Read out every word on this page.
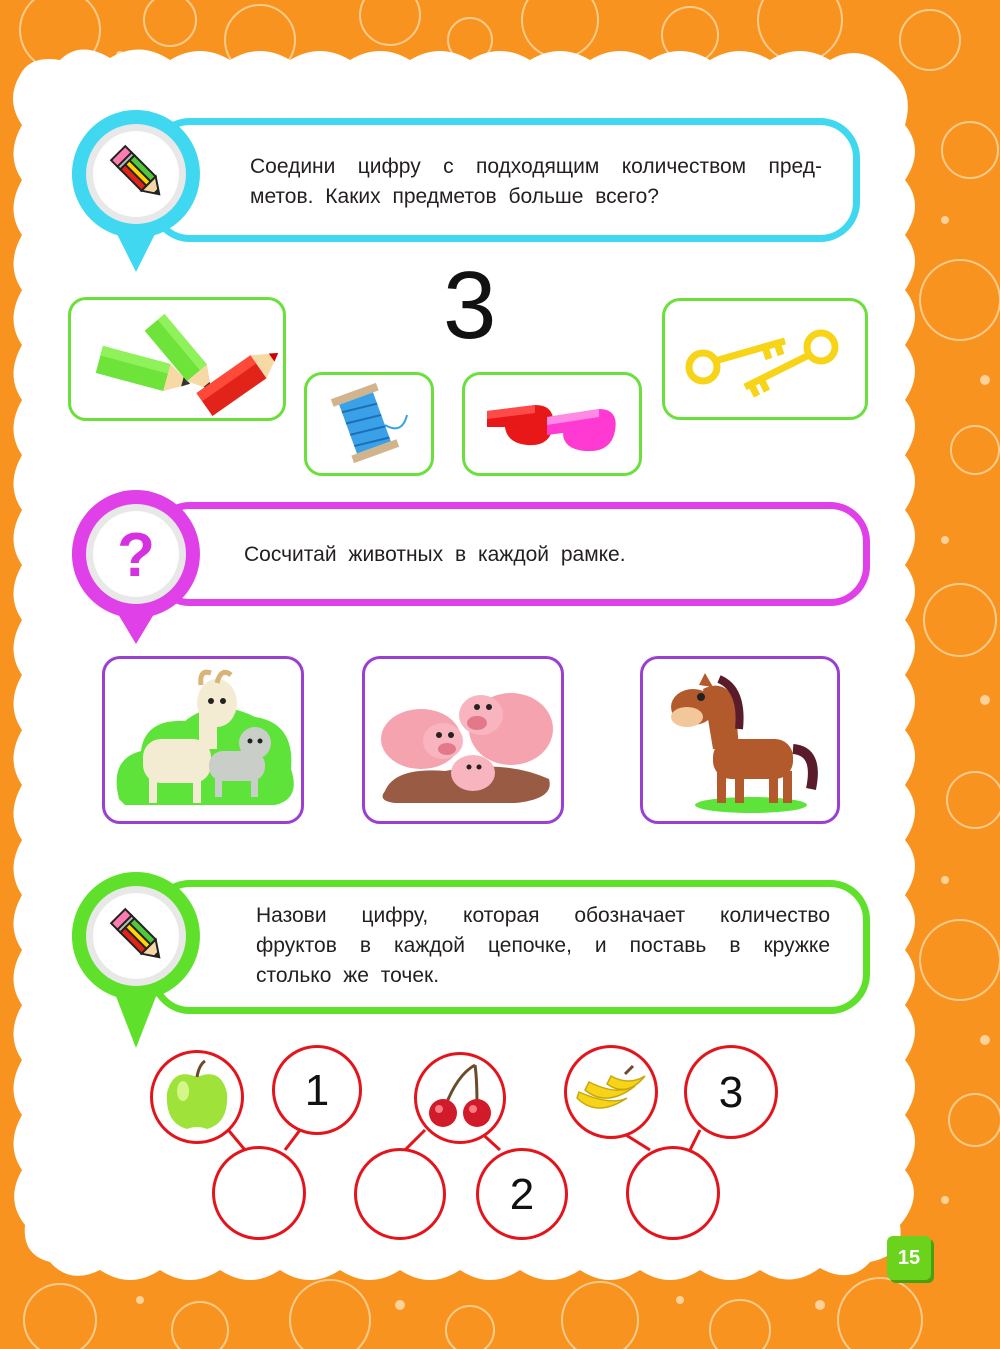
Соедини цифру с подходящим количеством пред-
метов. Каких предметов больше всего?
3
Сосчитай животных в каждой рамке.
?
Назови цифру, которая обозначает количество
фруктов в каждой цепочке, и поставь в кружке
столько же точек.
1
2
3
15
